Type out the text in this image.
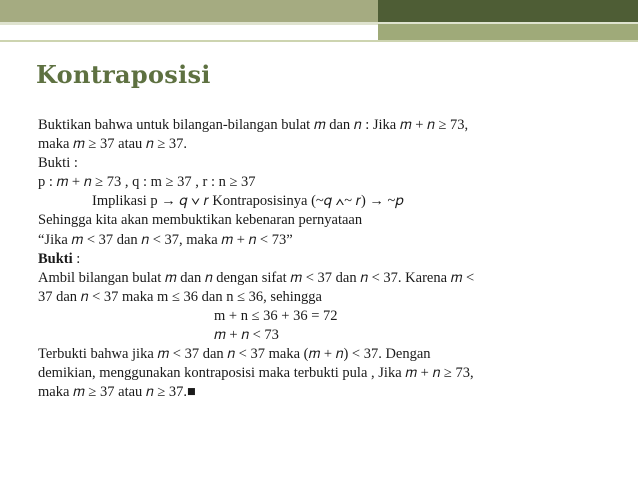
Kontraposisi
Buktikan bahwa untuk bilangan-bilangan bulat 𝑚 dan 𝑛 : Jika 𝑚 + 𝑛 ≥ 73,
maka 𝑚 ≥ 37 atau 𝑛 ≥ 37.
Bukti :
p : 𝑚 + 𝑛 ≥ 73 , q : m ≥ 37 , r : n ≥ 37
Implikasi p → 𝑞 ∨ 𝑟 Kontraposisinya (~𝑞 ∧~ 𝑟) → ~𝑝
Sehingga kita akan membuktikan kebenaran pernyataan
“Jika 𝑚 < 37 dan 𝑛 < 37, maka 𝑚 + 𝑛 < 73”
Bukti :
Ambil bilangan bulat 𝑚 dan 𝑛 dengan sifat 𝑚 < 37 dan 𝑛 < 37. Karena 𝑚 <
37 dan 𝑛 < 37 maka m ≤ 36 dan n ≤ 36, sehingga
m + n ≤ 36 + 36 = 72
𝑚 + 𝑛 < 73
Terbukti bahwa jika 𝑚 < 37 dan 𝑛 < 37 maka (𝑚 + 𝑛) < 37. Dengan
demikian, menggunakan kontraposisi maka terbukti pula , Jika 𝑚 + 𝑛 ≥ 73,
maka 𝑚 ≥ 37 atau 𝑛 ≥ 37.■
